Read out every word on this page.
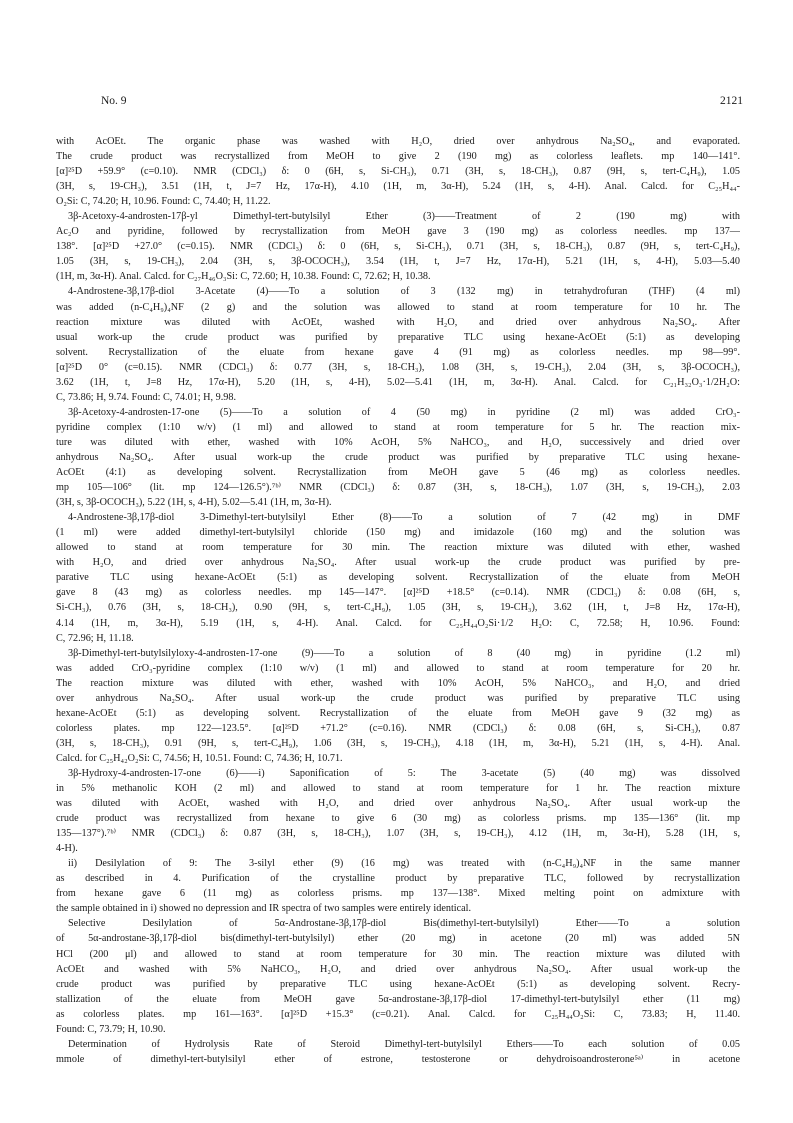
No. 9	2121
with AcOEt. The organic phase was washed with H₂O, dried over anhydrous Na₂SO₄, and evaporated.
The crude product was recrystallized from MeOH to give 2 (190 mg) as colorless leaflets. mp 140—141°.
[α]²⁵D +59.9° (c=0.10). NMR (CDCl₃) δ: 0 (6H, s, Si-CH₃), 0.71 (3H, s, 18-CH₃), 0.87 (9H, s, tert-C₄H₉), 1.05
(3H, s, 19-CH₃), 3.51 (1H, t, J=7 Hz, 17α-H), 4.10 (1H, m, 3α-H), 5.24 (1H, s, 4-H). Anal. Calcd. for C₂₅H₄₄-
O₂Si: C, 74.20; H, 10.96. Found: C, 74.40; H, 11.22.
3β-Acetoxy-4-androsten-17β-yl Dimethyl-tert-butylsilyl Ether (3)——Treatment of 2 (190 mg) with
Ac₂O and pyridine, followed by recrystallization from MeOH gave 3 (190 mg) as colorless needles. mp 137—
138°. [α]²⁵D +27.0° (c=0.15). NMR (CDCl₃) δ: 0 (6H, s, Si-CH₃), 0.71 (3H, s, 18-CH₃), 0.87 (9H, s, tert-C₄H₉),
1.05 (3H, s, 19-CH₃), 2.04 (3H, s, 3β-OCOCH₃), 3.54 (1H, t, J=7 Hz, 17α-H), 5.21 (1H, s, 4-H), 5.03—5.40
(1H, m, 3α-H). Anal. Calcd. for C₂₇H₄₆O₃Si: C, 72.60; H, 10.38. Found: C, 72.62; H, 10.38.
4-Androstene-3β,17β-diol 3-Acetate (4)——To a solution of 3 (132 mg) in tetrahydrofuran (THF) (4 ml)
was added (n-C₄H₉)₄NF (2 g) and the solution was allowed to stand at room temperature for 10 hr. The
reaction mixture was diluted with AcOEt, washed with H₂O, and dried over anhydrous Na₂SO₄. After
usual work-up the crude product was purified by preparative TLC using hexane-AcOEt (5:1) as developing
solvent. Recrystallization of the eluate from hexane gave 4 (91 mg) as colorless needles. mp 98—99°.
[α]²⁵D 0° (c=0.15). NMR (CDCl₃) δ: 0.77 (3H, s, 18-CH₃), 1.08 (3H, s, 19-CH₃), 2.04 (3H, s, 3β-OCOCH₃),
3.62 (1H, t, J=8 Hz, 17α-H), 5.20 (1H, s, 4-H), 5.02—5.41 (1H, m, 3α-H). Anal. Calcd. for C₂₁H₃₂O₃·1/2H₂O:
C, 73.86; H, 9.74. Found: C, 74.01; H, 9.98.
3β-Acetoxy-4-androsten-17-one (5)——To a solution of 4 (50 mg) in pyridine (2 ml) was added CrO₃-
pyridine complex (1:10 w/v) (1 ml) and allowed to stand at room temperature for 5 hr. The reaction mix-
ture was diluted with ether, washed with 10% AcOH, 5% NaHCO₃, and H₂O, successively and dried over
anhydrous Na₂SO₄. After usual work-up the crude product was purified by preparative TLC using hexane-
AcOEt (4:1) as developing solvent. Recrystallization from MeOH gave 5 (46 mg) as colorless needles.
mp 105—106° (lit. mp 124—126.5°).⁷ᵇ⁾ NMR (CDCl₃) δ: 0.87 (3H, s, 18-CH₃), 1.07 (3H, s, 19-CH₃), 2.03
(3H, s, 3β-OCOCH₃), 5.22 (1H, s, 4-H), 5.02—5.41 (1H, m, 3α-H).
4-Androstene-3β,17β-diol 3-Dimethyl-tert-butylsilyl Ether (8)——To a solution of 7 (42 mg) in DMF
(1 ml) were added dimethyl-tert-butylsilyl chloride (150 mg) and imidazole (160 mg) and the solution was
allowed to stand at room temperature for 30 min. The reaction mixture was diluted with ether, washed
with H₂O, and dried over anhydrous Na₂SO₄. After usual work-up the crude product was purified by pre-
parative TLC using hexane-AcOEt (5:1) as developing solvent. Recrystallization of the eluate from MeOH
gave 8 (43 mg) as colorless needles. mp 145—147°. [α]²⁵D +18.5° (c=0.14). NMR (CDCl₃) δ: 0.08 (6H, s,
Si-CH₃), 0.76 (3H, s, 18-CH₃), 0.90 (9H, s, tert-C₄H₉), 1.05 (3H, s, 19-CH₃), 3.62 (1H, t, J=8 Hz, 17α-H),
4.14 (1H, m, 3α-H), 5.19 (1H, s, 4-H). Anal. Calcd. for C₂₅H₄₄O₂Si·1/2 H₂O: C, 72.58; H, 10.96. Found:
C, 72.96; H, 11.18.
3β-Dimethyl-tert-butylsilyloxy-4-androsten-17-one (9)——To a solution of 8 (40 mg) in pyridine (1.2 ml)
was added CrO₃-pyridine complex (1:10 w/v) (1 ml) and allowed to stand at room temperature for 20 hr.
The reaction mixture was diluted with ether, washed with 10% AcOH, 5% NaHCO₃, and H₂O, and dried
over anhydrous Na₂SO₄. After usual work-up the crude product was purified by preparative TLC using
hexane-AcOEt (5:1) as developing solvent. Recrystallization of the eluate from MeOH gave 9 (32 mg) as
colorless plates. mp 122—123.5°. [α]²⁵D +71.2° (c=0.16). NMR (CDCl₃) δ: 0.08 (6H, s, Si-CH₃), 0.87
(3H, s, 18-CH₃), 0.91 (9H, s, tert-C₄H₉), 1.06 (3H, s, 19-CH₃), 4.18 (1H, m, 3α-H), 5.21 (1H, s, 4-H). Anal.
Calcd. for C₂₅H₄₂O₂Si: C, 74.56; H, 10.51. Found: C, 74.36; H, 10.71.
3β-Hydroxy-4-androsten-17-one (6)——i) Saponification of 5: The 3-acetate (5) (40 mg) was dissolved
in 5% methanolic KOH (2 ml) and allowed to stand at room temperature for 1 hr. The reaction mixture
was diluted with AcOEt, washed with H₂O, and dried over anhydrous Na₂SO₄. After usual work-up the
crude product was recrystallized from hexane to give 6 (30 mg) as colorless prisms. mp 135—136° (lit. mp
135—137°).⁷ᵇ⁾ NMR (CDCl₃) δ: 0.87 (3H, s, 18-CH₃), 1.07 (3H, s, 19-CH₃), 4.12 (1H, m, 3α-H), 5.28 (1H, s,
4-H).
ii) Desilylation of 9: The 3-silyl ether (9) (16 mg) was treated with (n-C₄H₉)₄NF in the same manner
as described in 4. Purification of the crystalline product by preparative TLC, followed by recrystallization
from hexane gave 6 (11 mg) as colorless prisms. mp 137—138°. Mixed melting point on admixture with
the sample obtained in i) showed no depression and IR spectra of two samples were entirely identical.
Selective Desilylation of 5α-Androstane-3β,17β-diol Bis(dimethyl-tert-butylsilyl) Ether——To a solution
of 5α-androstane-3β,17β-diol bis(dimethyl-tert-butylsilyl) ether (20 mg) in acetone (20 ml) was added 5N
HCl (200 μl) and allowed to stand at room temperature for 30 min. The reaction mixture was diluted with
AcOEt and washed with 5% NaHCO₃, H₂O, and dried over anhydrous Na₂SO₄. After usual work-up the
crude product was purified by preparative TLC using hexane-AcOEt (5:1) as developing solvent. Recry-
stallization of the eluate from MeOH gave 5α-androstane-3β,17β-diol 17-dimethyl-tert-butylsilyl ether (11 mg)
as colorless plates. mp 161—163°. [α]²⁵D +15.3° (c=0.21). Anal. Calcd. for C₂₅H₄₄O₂Si: C, 73.83; H, 11.40.
Found: C, 73.79; H, 10.90.
Determination of Hydrolysis Rate of Steroid Dimethyl-tert-butylsilyl Ethers——To each solution of 0.05
mmole of dimethyl-tert-butylsilyl ether of estrone, testosterone or dehydroisoandrosterone⁵ᵃ⁾ in acetone
